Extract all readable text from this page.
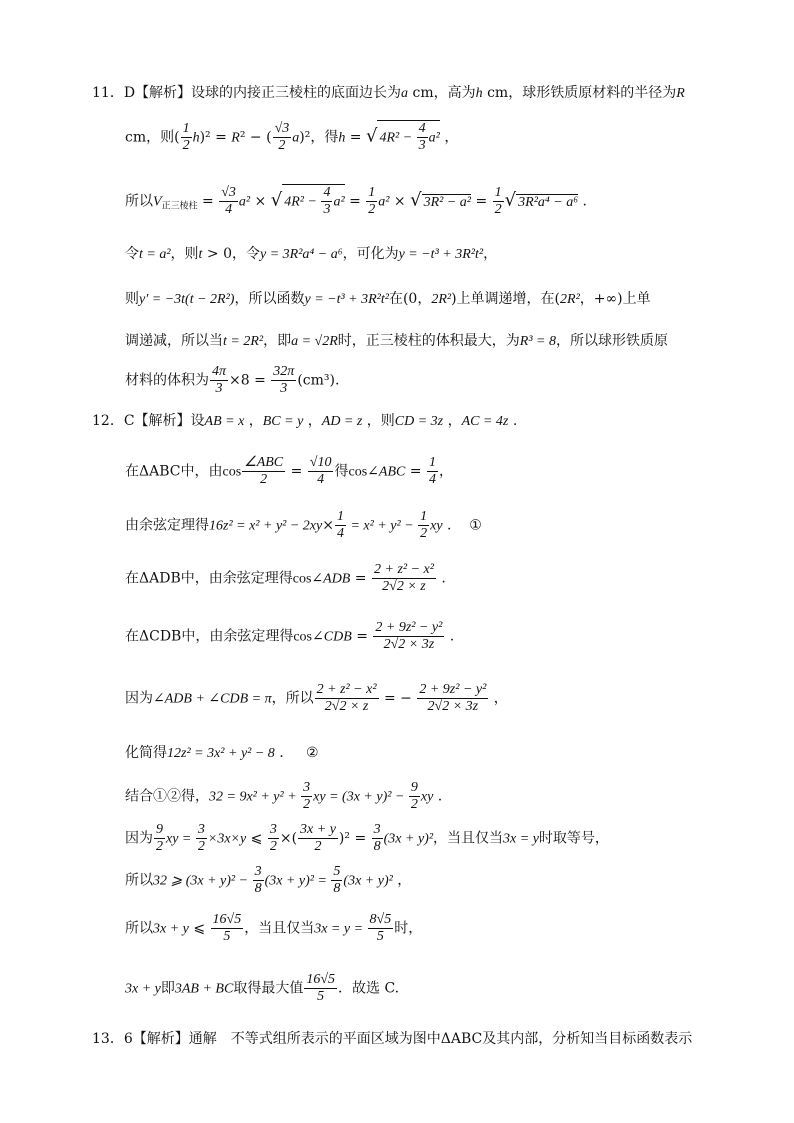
11．D【解析】设球的内接正三棱柱的底面边长为a cm，高为h cm，球形铁质原材料的半径为R
cm，则( $\frac{1}{2} h)^2 = R^2$ − ( $\frac{√3}{2} a)^2$，得h = √ $4R^2 - \frac{4}{3} a^2$ ，
所以$V_{正三棱柱} = \frac{√3}{4} a^2$ × √ $4R^2 - \frac{4}{3} a^2 = \frac{1}{2} a^2$ × √ $3R^2 - a^2 = \frac{1}{2}$ √ 3R²a⁴ − a⁶ .
令t = a²，则t > 0，令y = 3R²a⁴ − a⁶，可化为y = −t³ + 3R²t²，
则y′ = −3t(t − 2R²)，所以函数y = −t³ + 3R²t²在(0，2R²)上单调递增，在(2R²，+∞)上单
调递减，所以当t = 2R²，即a = √2R时，正三棱柱的体积最大，为R³ = 8，所以球形铁质原
材料的体积为 $\frac{4\pi}{3} \times 8 = \frac{32\pi}{3} (cm^3)$.
12．C【解析】设AB = x ，BC = y ，AD = z ，则CD = 3z ，AC = 4z .
在ΔABC中，由$\cos \frac{\text{∠ABC}}{2} = \frac{√10}{4}$ 得cos∠ABC = $\frac{1}{4}$ ，
由余弦定理得$16z^2 = x^2 + y^2 - 2xy\times \frac{1}{4} = x^2 + y^2 - \frac{1}{2}$ xy .    ①
在ΔADB中，由余弦定理得cos∠ADB = $\frac{\text{2 + z² − x²}}{2√2 \times z}$ .
在ΔCDB中，由余弦定理得cos∠CDB = $\frac{\text{2 + 9z² − y²}}{2√2 \times 3z}$ .
因为∠ADB + ∠CDB = π，所以 $\frac{\text{2 + z² − x²}}{2√2 \times z}$ = − $\frac{\text{2 + 9z² − y²}}{2√2 \times 3z}$ ，
化简得12z² = 3x² + y² − 8 .     ②
结合①②得，$32 = 9x^2 + y^2 + \frac{3}{2}$ xy = $(3x + y)^2 - \frac{9}{2}$ xy .
因为 $\frac{9}{2}$ xy = $\frac{3}{2} \times 3x\times y$ ⩽ $\frac{3}{2}$ ×( $\frac{3x + y}{2} )^2 = \frac{3}{8} (3x + y)^2$，当且仅当3x = y时取等号，
所以32 ⩾ $(3x + y)^2 - \frac{3}{8} (3x + y)^2 = \frac{5}{8} (3x + y)^2$ ，
所以3x + y ⩽ $\frac{16√5}{5}$ ，当且仅当$3x = y = \frac{8√5}{5}$ 时，
3x + y即3AB + BC取得最大值 $\frac{16√5}{5}$ ．故选 C.
13．6【解析】通解　不等式组所表示的平面区域为图中ΔABC及其内部，分析知当目标函数表示
